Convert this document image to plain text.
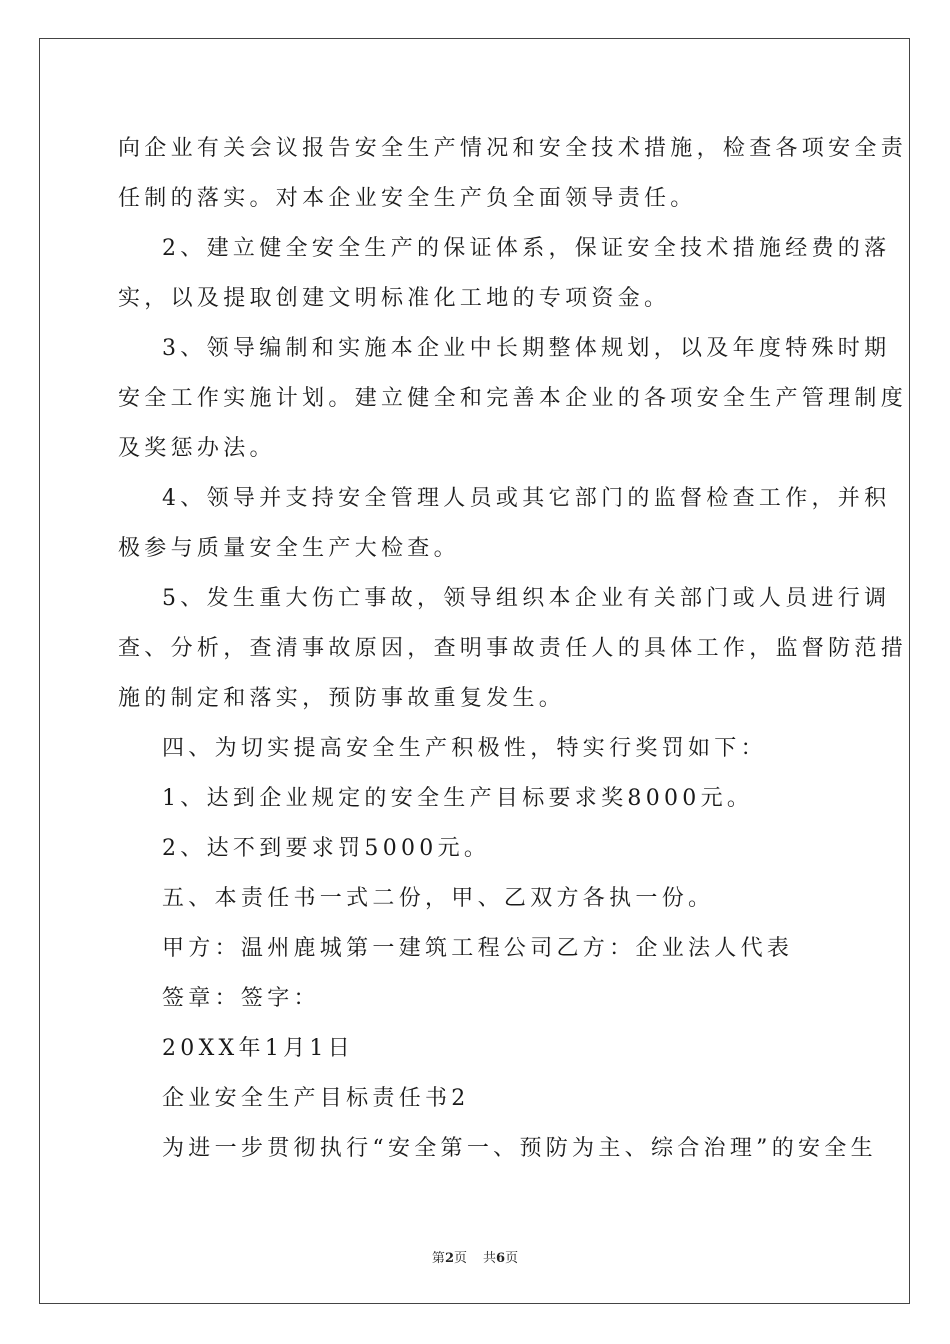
向企业有关会议报告安全生产情况和安全技术措施，检查各项安全责

任制的落实。对本企业安全生产负全面领导责任。

2、建立健全安全生产的保证体系，保证安全技术措施经费的落

实，以及提取创建文明标准化工地的专项资金。

3、领导编制和实施本企业中长期整体规划，以及年度特殊时期

安全工作实施计划。建立健全和完善本企业的各项安全生产管理制度

及奖惩办法。

4、领导并支持安全管理人员或其它部门的监督检查工作，并积

极参与质量安全生产大检查。

5、发生重大伤亡事故，领导组织本企业有关部门或人员进行调

查、分析，查清事故原因，查明事故责任人的具体工作，监督防范措

施的制定和落实，预防事故重复发生。

四、为切实提高安全生产积极性，特实行奖罚如下：

1、达到企业规定的安全生产目标要求奖8000元。

2、达不到要求罚5000元。

五、本责任书一式二份，甲、乙双方各执一份。

甲方：温州鹿城第一建筑工程公司乙方：企业法人代表

签章：签字：

20XX年1月1日

企业安全生产目标责任书2

为进一步贯彻执行“安全第一、预防为主、综合治理”的安全生

第2页 共6页
